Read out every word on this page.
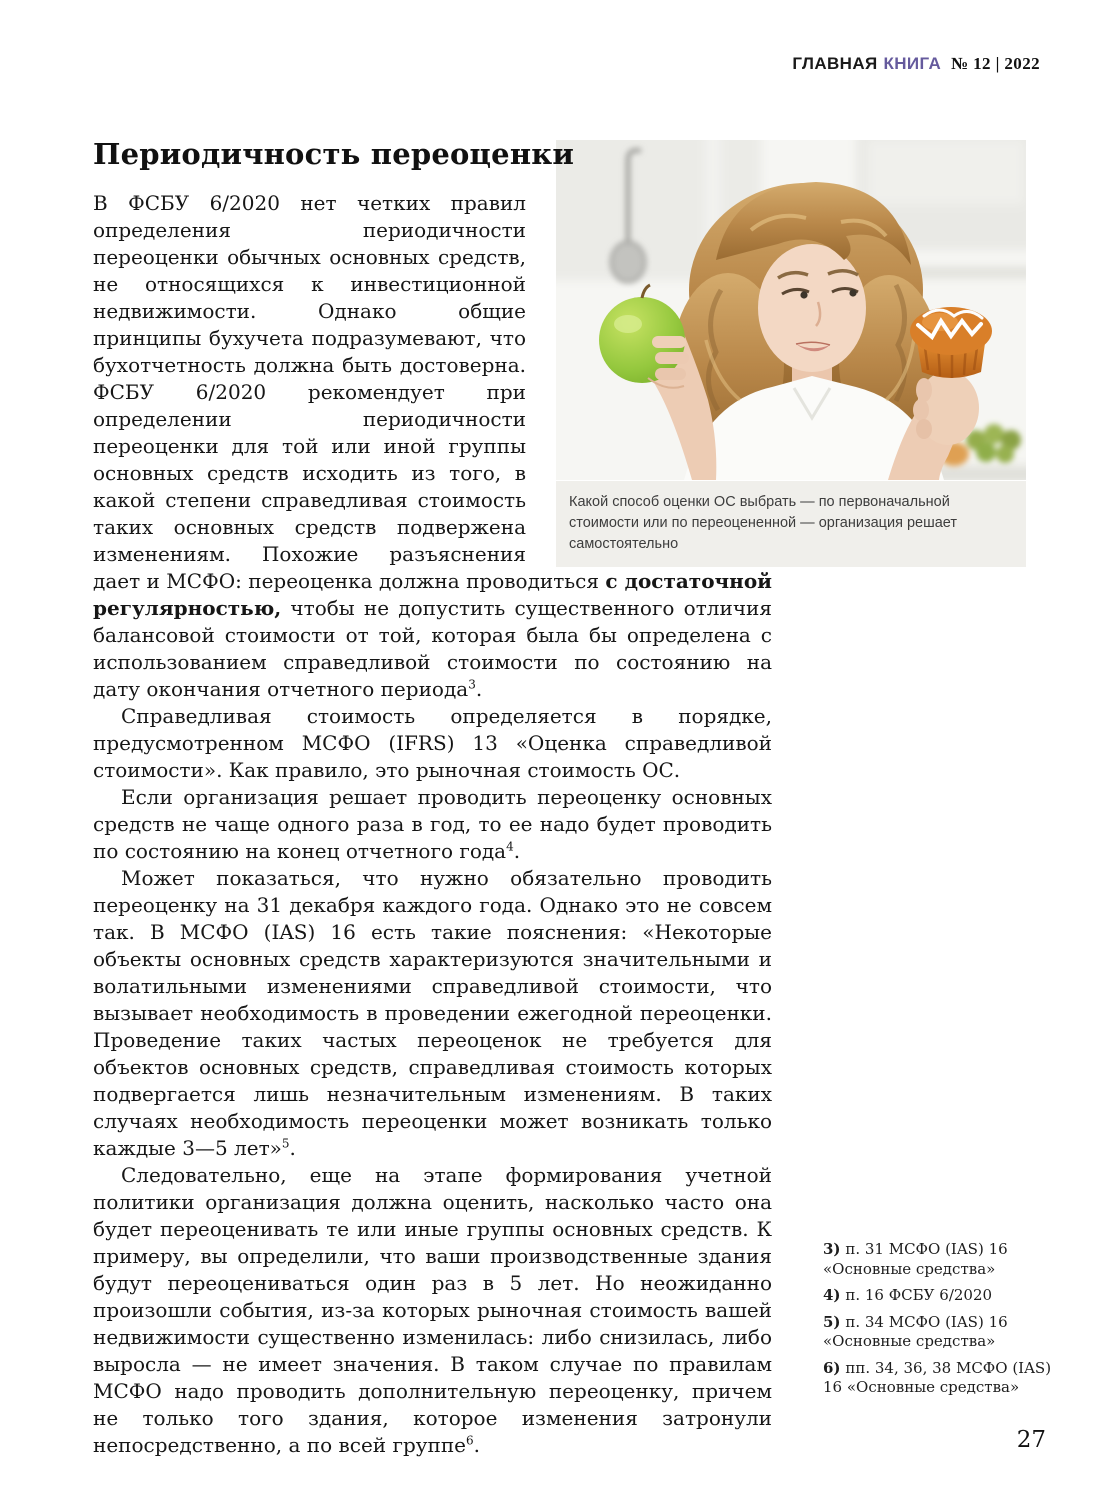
ГЛАВНАЯ КНИГА № 12 | 2022
Какой способ оценки ОС выбрать — по первоначальной стоимости или по переоцененной — организация решает самостоятельно
Периодичность переоценки

В ФСБУ 6/2020 нет четких правил определения периодичности переоценки обычных основных средств, не относящихся к инвестиционной недвижимости. Однако общие принципы бухучета подразумевают, что бухотчетность должна быть достоверна. ФСБУ 6/2020 рекомендует при определении периодичности переоценки для той или иной группы основных средств исходить из того, в какой степени справедливая стоимость таких основных средств подвержена изменениям. Похожие разъяснения дает и МСФО: переоценка должна проводиться с достаточной регулярностью, чтобы не допустить существенного отличия балансовой стоимости от той, которая была бы определена с использованием справедливой стоимости по состоянию на дату окончания отчетного периода$^3$.

Справедливая стоимость определяется в порядке, предусмотренном МСФО (IFRS) 13 «Оценка справедливой стоимости». Как правило, это рыночная стоимость ОС.

Если организация решает проводить переоценку основных средств не чаще одного раза в год, то ее надо будет проводить по состоянию на конец отчетного года$^4$.

Может показаться, что нужно обязательно проводить переоценку на 31 декабря каждого года. Однако это не совсем так. В МСФО (IAS) 16 есть такие пояснения: «Некоторые объекты основных средств характеризуются значительными и волатильными изменениями справедливой стоимости, что вызывает необходимость в проведении ежегодной переоценки. Проведение таких частых переоценок не требуется для объектов основных средств, справедливая стоимость которых подвергается лишь незначительным изменениям. В таких случаях необходимость переоценки может возникать только каждые 3—5 лет»$^5$.

Следовательно, еще на этапе формирования учетной политики организация должна оценить, насколько часто она будет переоценивать те или иные группы основных средств. К примеру, вы определили, что ваши производственные здания будут переоцениваться один раз в 5 лет. Но неожиданно произошли события, из-за которых рыночная стоимость вашей недвижимости существенно изменилась: либо снизилась, либо выросла — не имеет значения. В таком случае по правилам МСФО надо проводить дополнительную переоценку, причем не только того здания, которое изменения затронули непосредственно, а по всей группе$^6$.

3) п. 31 МСФО (IAS) 16 «Основные средства»

4) п. 16 ФСБУ 6/2020

5) п. 34 МСФО (IAS) 16 «Основные средства»

6) пп. 34, 36, 38 МСФО (IAS) 16 «Основные средства»

27
